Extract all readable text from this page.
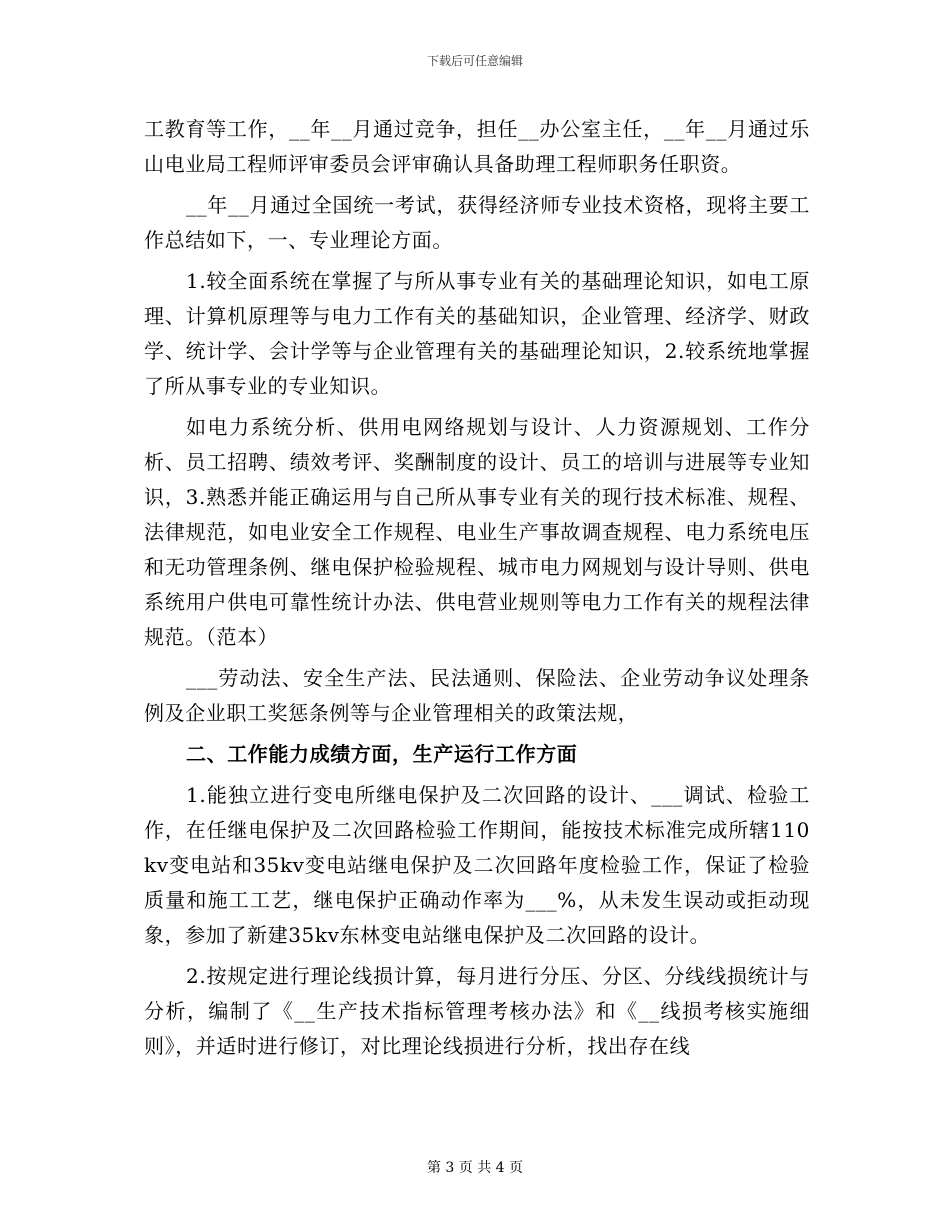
下载后可任意编辑

工教育等工作，__年__月通过竞争，担任__办公室主任，__年__月通过乐山电业局工程师评审委员会评审确认具备助理工程师职务任职资。

__年__月通过全国统一考试，获得经济师专业技术资格，现将主要工作总结如下，一、专业理论方面。

1.较全面系统在掌握了与所从事专业有关的基础理论知识，如电工原理、计算机原理等与电力工作有关的基础知识，企业管理、经济学、财政学、统计学、会计学等与企业管理有关的基础理论知识，2.较系统地掌握了所从事专业的专业知识。

如电力系统分析、供用电网络规划与设计、人力资源规划、工作分析、员工招聘、绩效考评、奖酬制度的设计、员工的培训与进展等专业知识，3.熟悉并能正确运用与自己所从事专业有关的现行技术标准、规程、法律规范，如电业安全工作规程、电业生产事故调查规程、电力系统电压和无功管理条例、继电保护检验规程、城市电力网规划与设计导则、供电系统用户供电可靠性统计办法、供电营业规则等电力工作有关的规程法律规范。（范本）

___劳动法、安全生产法、民法通则、保险法、企业劳动争议处理条例及企业职工奖惩条例等与企业管理相关的政策法规，

二、工作能力成绩方面，生产运行工作方面

1.能独立进行变电所继电保护及二次回路的设计、___调试、检验工作，在任继电保护及二次回路检验工作期间，能按技术标准完成所辖110kv变电站和35kv变电站继电保护及二次回路年度检验工作，保证了检验质量和施工工艺，继电保护正确动作率为___%，从未发生误动或拒动现象，参加了新建35kv东林变电站继电保护及二次回路的设计。

2.按规定进行理论线损计算，每月进行分压、分区、分线线损统计与分析，编制了《__生产技术指标管理考核办法》和《__线损考核实施细则》，并适时进行修订，对比理论线损进行分析，找出存在线

第 3 页 共 4 页
